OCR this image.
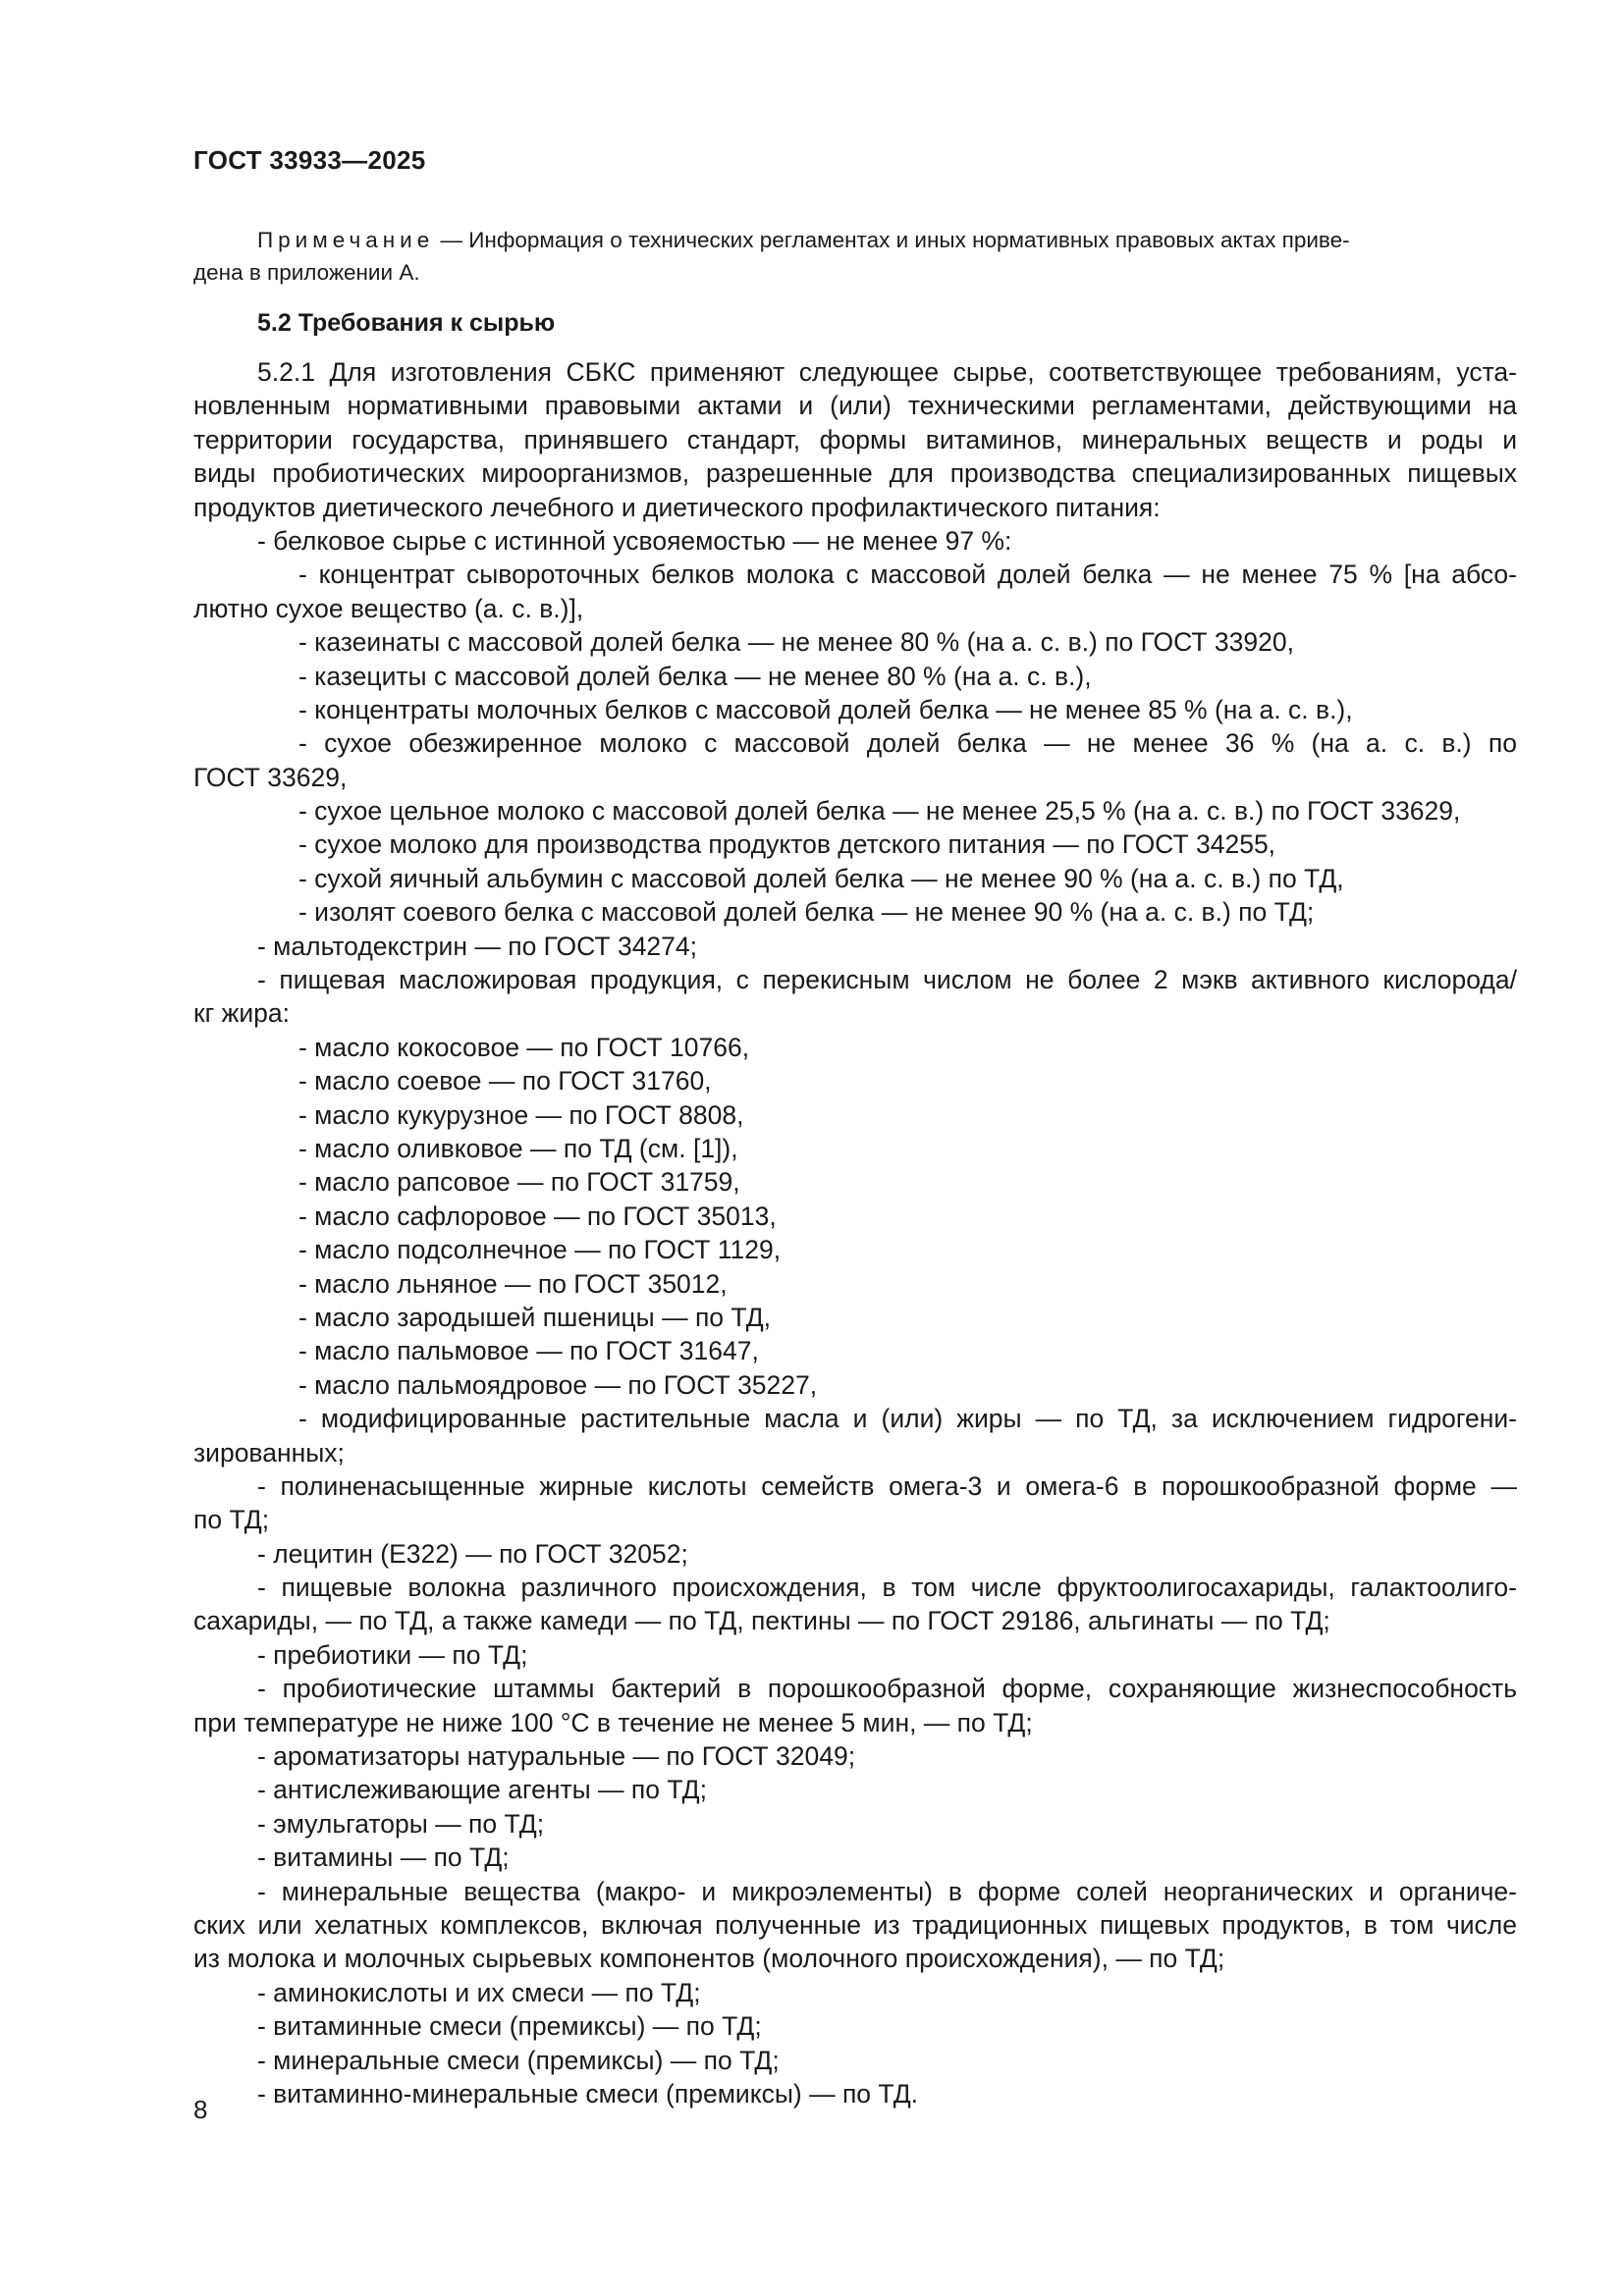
ГОСТ 33933—2025
Примечание — Информация о технических регламентах и иных нормативных правовых актах приве-
дена в приложении А.
5.2 Требования к сырью
5.2.1 Для изготовления СБКС применяют следующее сырье, соответствующее требованиям, уста-
новленным нормативными правовыми актами и (или) техническими регламентами, действующими на
территории государства, принявшего стандарт, формы витаминов, минеральных веществ и роды и
виды пробиотических мироорганизмов, разрешенные для производства специализированных пищевых
продуктов диетического лечебного и диетического профилактического питания:
- белковое сырье с истинной усвояемостью — не менее 97 %:
- концентрат сывороточных белков молока с массовой долей белка — не менее 75 % [на абсо-
лютно сухое вещество (а. с. в.)],
- казеинаты с массовой долей белка — не менее 80 % (на а. с. в.) по ГОСТ 33920,
- казециты с массовой долей белка — не менее 80 % (на а. с. в.),
- концентраты молочных белков с массовой долей белка — не менее 85 % (на а. с. в.),
- сухое обезжиренное молоко с массовой долей белка — не менее 36 % (на а. с. в.) по
ГОСТ 33629,
- сухое цельное молоко с массовой долей белка — не менее 25,5 % (на а. с. в.) по ГОСТ 33629,
- сухое молоко для производства продуктов детского питания — по ГОСТ 34255,
- сухой яичный альбумин с массовой долей белка — не менее 90 % (на а. с. в.) по ТД,
- изолят соевого белка с массовой долей белка — не менее 90 % (на а. с. в.) по ТД;
- мальтодекстрин — по ГОСТ 34274;
- пищевая масложировая продукция, с перекисным числом не более 2 мэкв активного кислорода/
кг жира:
- масло кокосовое — по ГОСТ 10766,
- масло соевое — по ГОСТ 31760,
- масло кукурузное — по ГОСТ 8808,
- масло оливковое — по ТД (см. [1]),
- масло рапсовое — по ГОСТ 31759,
- масло сафлоровое — по ГОСТ 35013,
- масло подсолнечное — по ГОСТ 1129,
- масло льняное — по ГОСТ 35012,
- масло зародышей пшеницы — по ТД,
- масло пальмовое — по ГОСТ 31647,
- масло пальмоядровое — по ГОСТ 35227,
- модифицированные растительные масла и (или) жиры — по ТД, за исключением гидрогени-
зированных;
- полиненасыщенные жирные кислоты семейств омега-3 и омега-6 в порошкообразной форме —
по ТД;
- лецитин (Е322) — по ГОСТ 32052;
- пищевые волокна различного происхождения, в том числе фруктоолигосахариды, галактоолиго-
сахариды, — по ТД, а также камеди — по ТД, пектины — по ГОСТ 29186, альгинаты — по ТД;
- пребиотики — по ТД;
- пробиотические штаммы бактерий в порошкообразной форме, сохраняющие жизнеспособность
при температуре не ниже 100 °С в течение не менее 5 мин, — по ТД;
- ароматизаторы натуральные — по ГОСТ 32049;
- антислеживающие агенты — по ТД;
- эмульгаторы — по ТД;
- витамины — по ТД;
- минеральные вещества (макро- и микроэлементы) в форме солей неорганических и органиче-
ских или хелатных комплексов, включая полученные из традиционных пищевых продуктов, в том числе
из молока и молочных сырьевых компонентов (молочного происхождения), — по ТД;
- аминокислоты и их смеси — по ТД;
- витаминные смеси (премиксы) — по ТД;
- минеральные смеси (премиксы) — по ТД;
- витаминно-минеральные смеси (премиксы) — по ТД.
8
